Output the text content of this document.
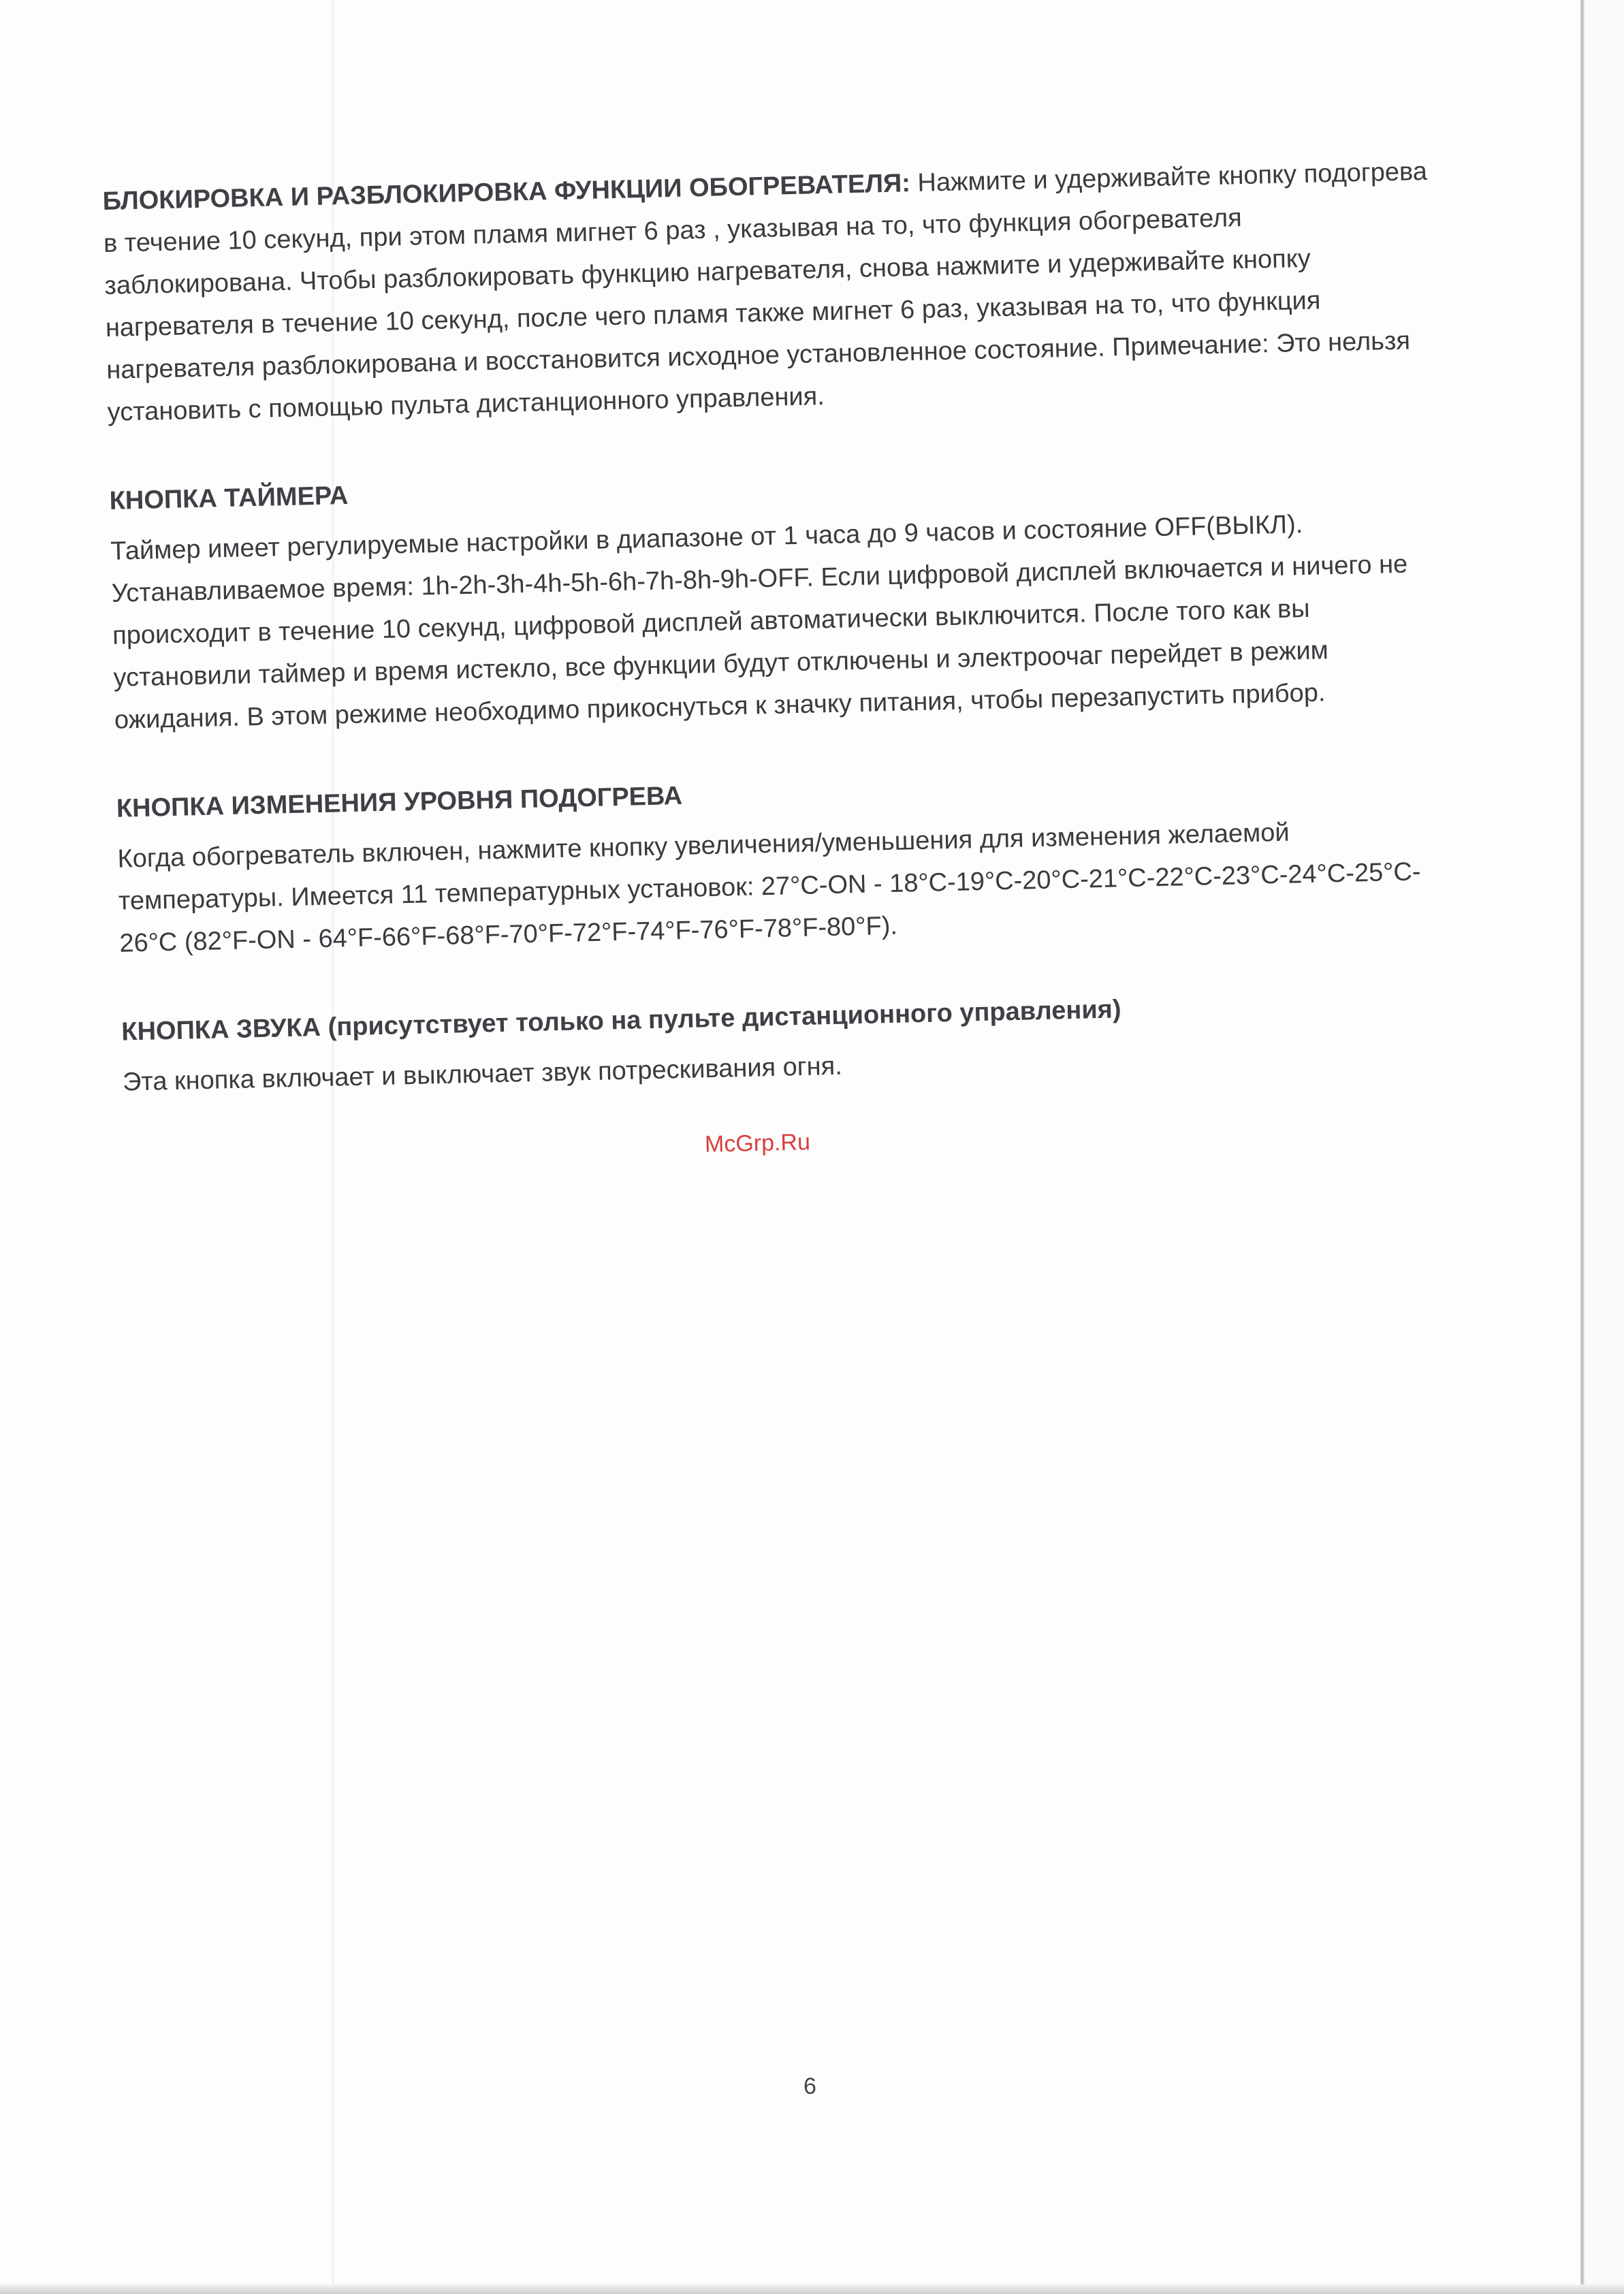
БЛОКИРОВКА И РАЗБЛОКИРОВКА ФУНКЦИИ ОБОГРЕВАТЕЛЯ: Нажмите и удерживайте кнопку подогрева в течение 10 секунд, при этом пламя мигнет 6 раз , указывая на то, что функция обогревателя заблокирована. Чтобы разблокировать функцию нагревателя, снова нажмите и удерживайте кнопку нагревателя в течение 10 секунд, после чего пламя также мигнет 6 раз, указывая на то, что функция нагревателя разблокирована и восстановится исходное установленное состояние. Примечание: Это нельзя установить с помощью пульта дистанционного управления.

КНОПКА ТАЙМЕРА
Таймер имеет регулируемые настройки в диапазоне от 1 часа до 9 часов и состояние OFF(ВЫКЛ). Устанавливаемое время: 1h-2h-3h-4h-5h-6h-7h-8h-9h-OFF. Если цифровой дисплей включается и ничего не происходит в течение 10 секунд, цифровой дисплей автоматически выключится. После того как вы установили таймер и время истекло, все функции будут отключены и электроочаг перейдет в режим ожидания. В этом режиме необходимо прикоснуться к значку питания, чтобы перезапустить прибор.
КНОПКА ИЗМЕНЕНИЯ УРОВНЯ ПОДОГРЕВА
Когда обогреватель включен, нажмите кнопку увеличения/уменьшения для изменения желаемой температуры. Имеется 11 температурных установок: 27°C-ON - 18°C-19°C-20°C-21°C-22°C-23°C-24°C-25°C-26°C (82°F-ON - 64°F-66°F-68°F-70°F-72°F-74°F-76°F-78°F-80°F).
КНОПКА ЗВУКА (присутствует только на пульте дистанционного управления)
Эта кнопка включает и выключает звук потрескивания огня.
McGrp.Ru
6
